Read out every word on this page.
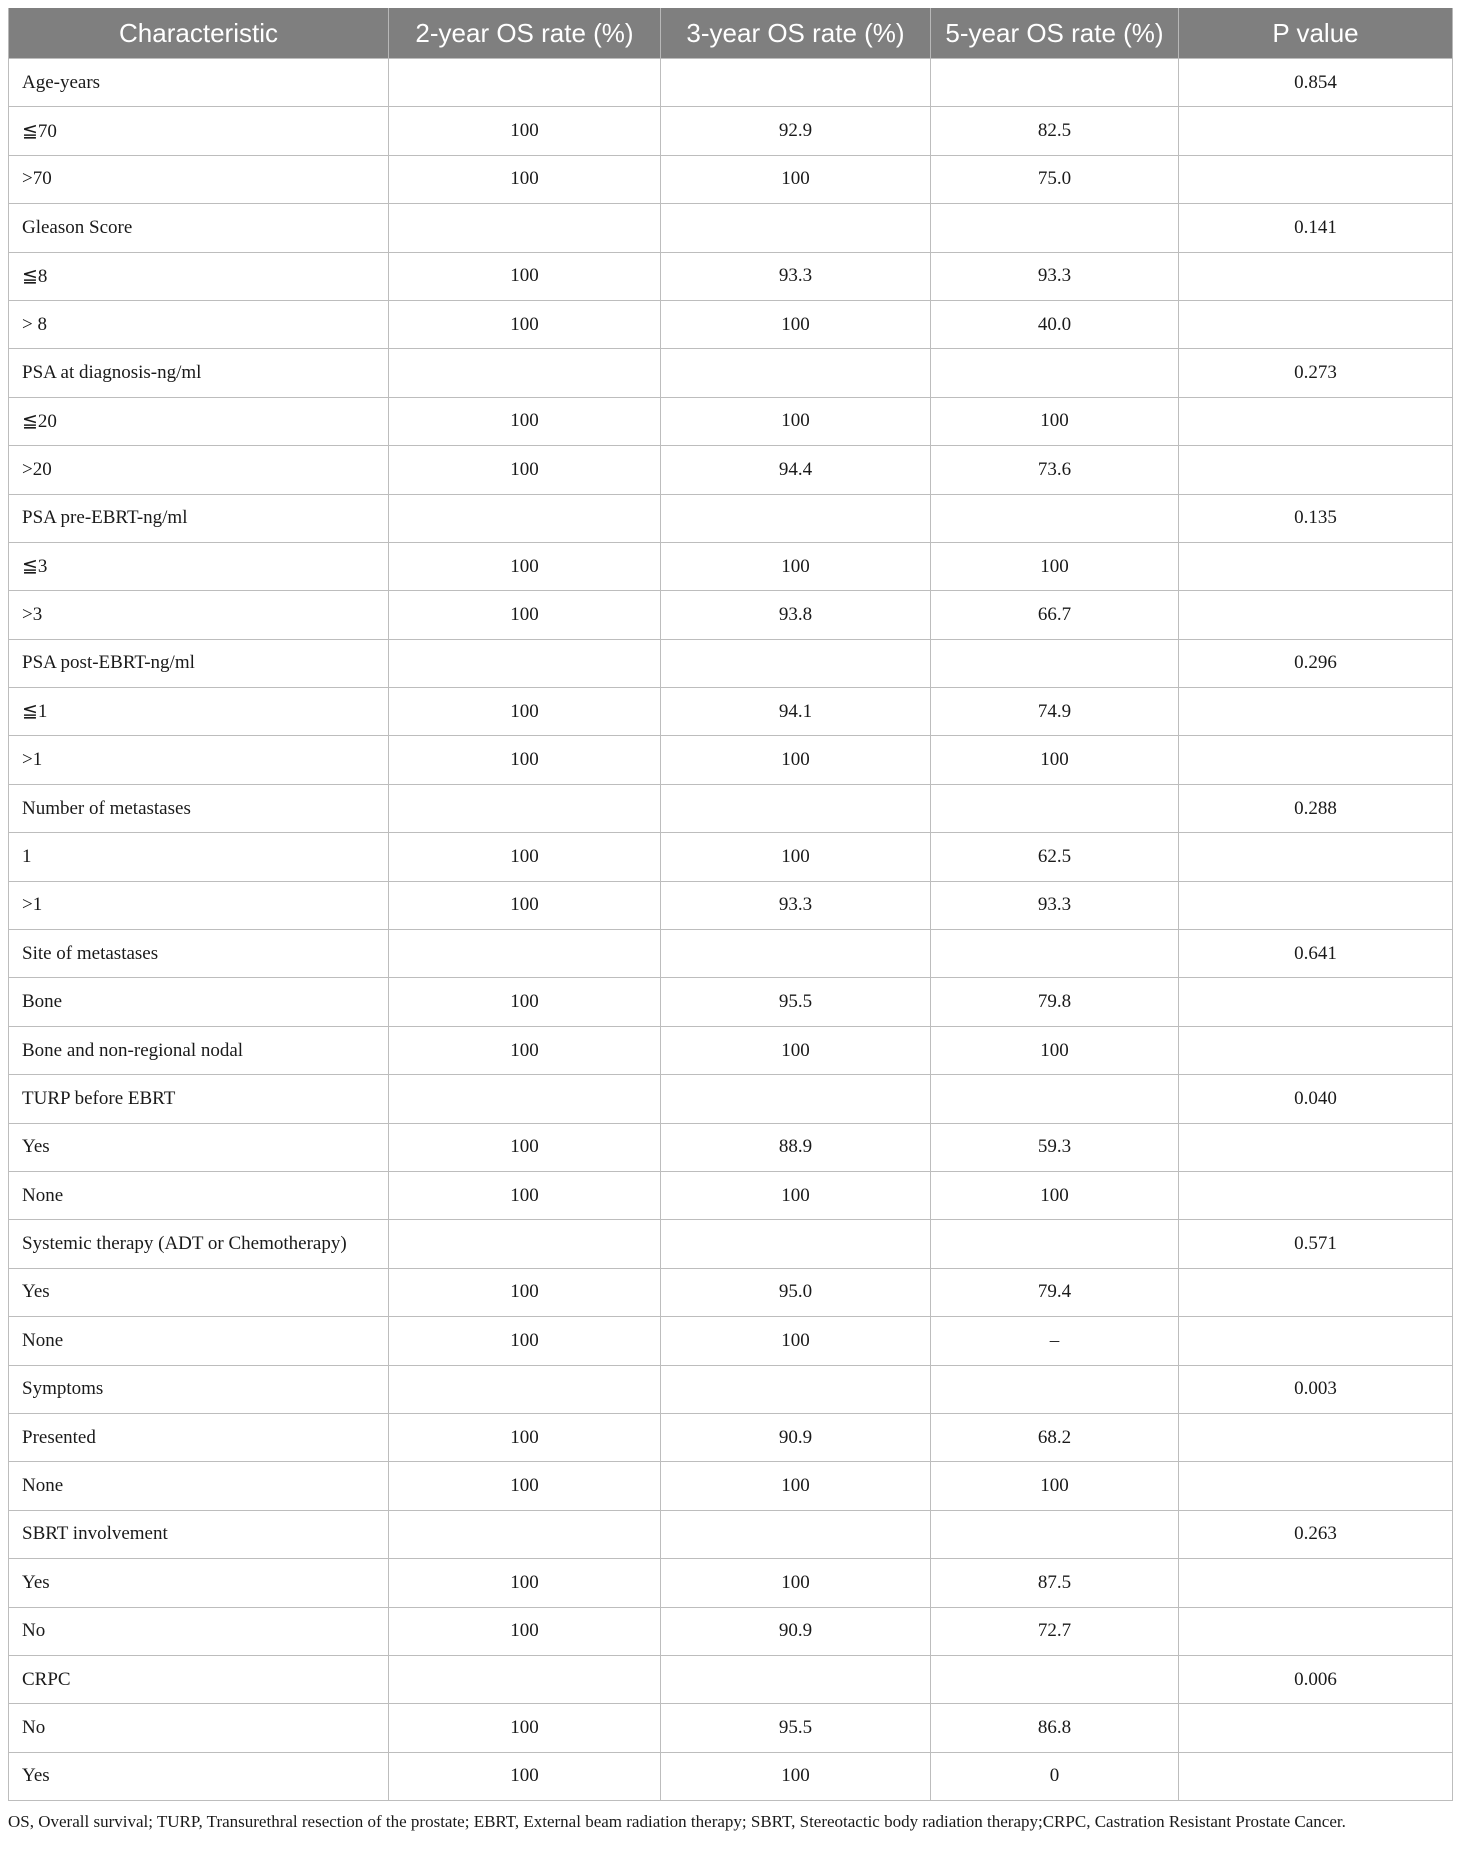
Characteristic	2-year OS rate (%)	3-year OS rate (%)	5-year OS rate (%)	P value
Age-years				0.854
≦70	100	92.9	82.5	
>70	100	100	75.0	
Gleason Score				0.141
≦8	100	93.3	93.3	
> 8	100	100	40.0	
PSA at diagnosis-ng/ml				0.273
≦20	100	100	100	
>20	100	94.4	73.6	
PSA pre-EBRT-ng/ml				0.135
≦3	100	100	100	
>3	100	93.8	66.7	
PSA post-EBRT-ng/ml				0.296
≦1	100	94.1	74.9	
>1	100	100	100	
Number of metastases				0.288
1	100	100	62.5	
>1	100	93.3	93.3	
Site of metastases				0.641
Bone	100	95.5	79.8	
Bone and non-regional nodal	100	100	100	
TURP before EBRT				0.040
Yes	100	88.9	59.3	
None	100	100	100	
Systemic therapy (ADT or Chemotherapy)				0.571
Yes	100	95.0	79.4	
None	100	100	–	
Symptoms				0.003
Presented	100	90.9	68.2	
None	100	100	100	
SBRT involvement				0.263
Yes	100	100	87.5	
No	100	90.9	72.7	
CRPC				0.006
No	100	95.5	86.8	
Yes	100	100	0	
OS, Overall survival; TURP, Transurethral resection of the prostate; EBRT, External beam radiation therapy; SBRT, Stereotactic body radiation therapy;CRPC, Castration Resistant Prostate Cancer.
